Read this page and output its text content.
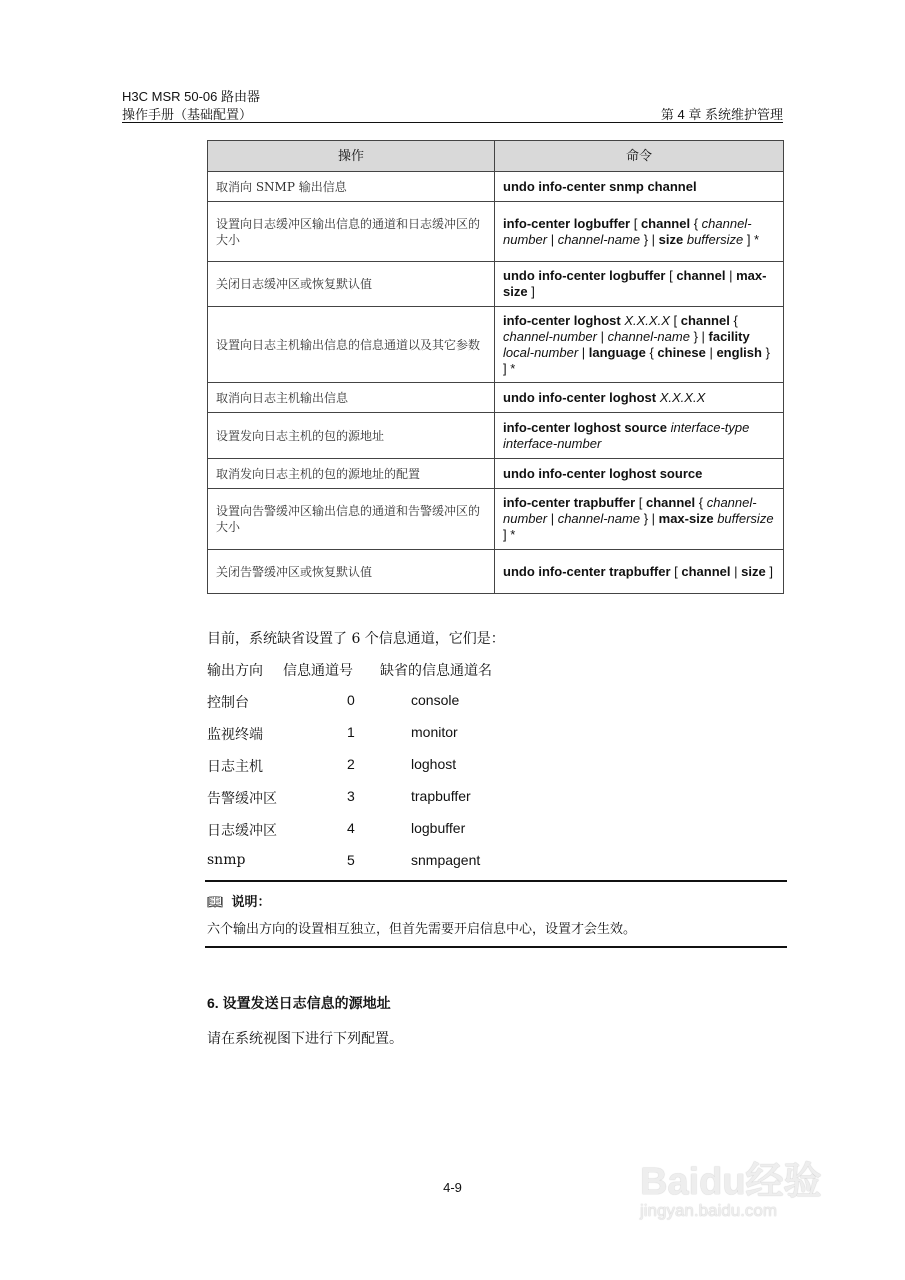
H3C MSR 50-06 路由器
操作手册（基础配置）	第 4 章 系统维护管理
操作	命令
取消向 SNMP 输出信息	undo info-center snmp channel
设置向日志缓冲区输出信息的通道和日志缓冲区的大小	info-center logbuffer [ channel { channel-number | channel-name } | size buffersize ] *
关闭日志缓冲区或恢复默认值	undo info-center logbuffer [ channel | max-size ]
设置向日志主机输出信息的信息通道以及其它参数	info-center loghost X.X.X.X [ channel { channel-number | channel-name } | facility local-number | language { chinese | english } ] *
取消向日志主机输出信息	undo info-center loghost X.X.X.X
设置发向日志主机的包的源地址	info-center loghost source interface-type interface-number
取消发向日志主机的包的源地址的配置	undo info-center loghost source
设置向告警缓冲区输出信息的通道和告警缓冲区的大小	info-center trapbuffer [ channel { channel-number | channel-name } | max-size buffersize ] *
关闭告警缓冲区或恢复默认值	undo info-center trapbuffer [ channel | size ]
目前，系统缺省设置了 6 个信息通道，它们是：
输出方向 信息通道号 缺省的信息通道名
控制台	0	console
监视终端	1	monitor
日志主机	2	loghost
告警缓冲区	3	trapbuffer
日志缓冲区	4	logbuffer
snmp	5	snmpagent
📖︎ 说明：
六个输出方向的设置相互独立，但首先需要开启信息中心，设置才会生效。
6. 设置发送日志信息的源地址
请在系统视图下进行下列配置。
4-9	Baidu经验
jingyan.baidu.com
